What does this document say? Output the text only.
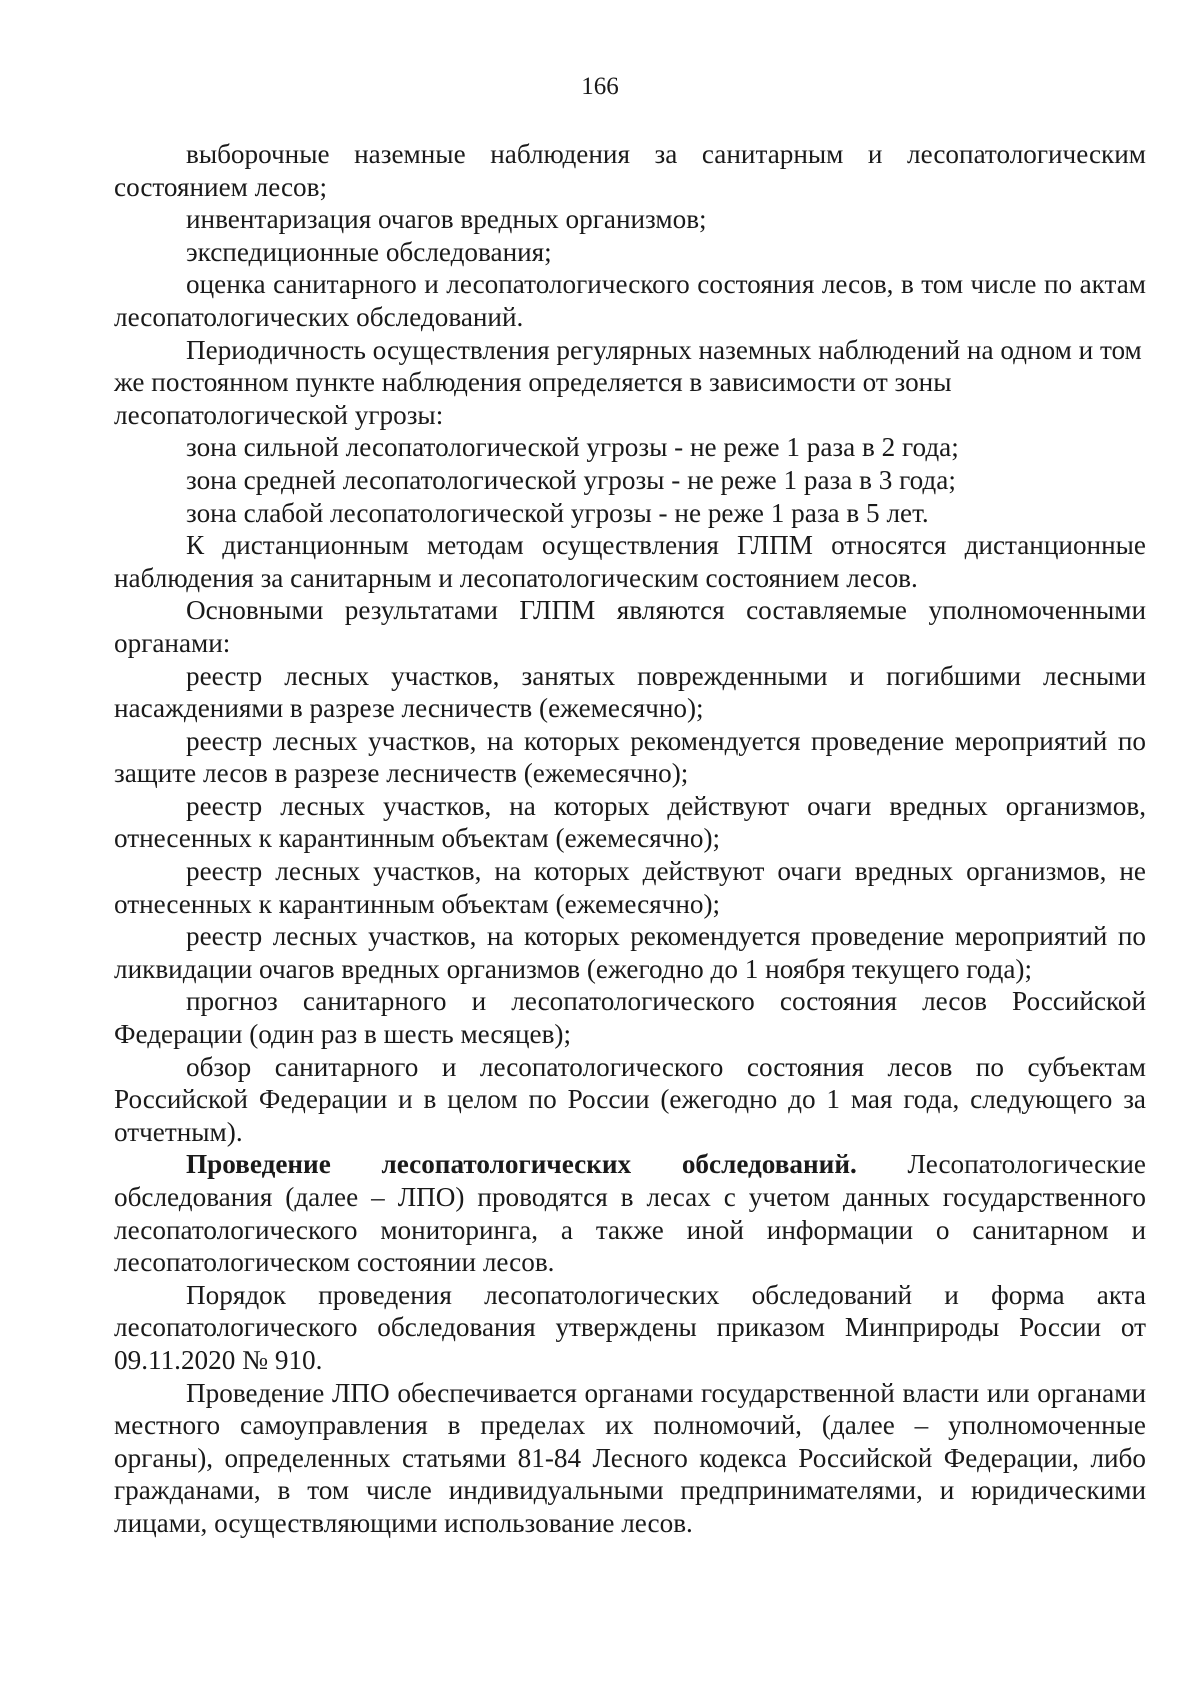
166

выборочные наземные наблюдения за санитарным и лесопатологическим состоянием лесов;

инвентаризация очагов вредных организмов;

экспедиционные обследования;

оценка санитарного и лесопатологического состояния лесов, в том числе по актам лесопатологических обследований.

Периодичность осуществления регулярных наземных наблюдений на одном и том же постоянном пункте наблюдения определяется в зависимости от зоны лесопатологической угрозы:

зона сильной лесопатологической угрозы - не реже 1 раза в 2 года;

зона средней лесопатологической угрозы - не реже 1 раза в 3 года;

зона слабой лесопатологической угрозы - не реже 1 раза в 5 лет.

К дистанционным методам осуществления ГЛПМ относятся дистанционные наблюдения за санитарным и лесопатологическим состоянием лесов.

Основными результатами ГЛПМ являются составляемые уполномоченными органами:

реестр лесных участков, занятых поврежденными и погибшими лесными насаждениями в разрезе лесничеств (ежемесячно);

реестр лесных участков, на которых рекомендуется проведение мероприятий по защите лесов в разрезе лесничеств (ежемесячно);

реестр лесных участков, на которых действуют очаги вредных организмов, отнесенных к карантинным объектам (ежемесячно);

реестр лесных участков, на которых действуют очаги вредных организмов, не отнесенных к карантинным объектам (ежемесячно);

реестр лесных участков, на которых рекомендуется проведение мероприятий по ликвидации очагов вредных организмов (ежегодно до 1 ноября текущего года);

прогноз санитарного и лесопатологического состояния лесов Российской Федерации (один раз в шесть месяцев);

обзор санитарного и лесопатологического состояния лесов по субъектам Российской Федерации и в целом по России (ежегодно до 1 мая года, следующего за отчетным).

Проведение лесопатологических обследований. Лесопатологические обследования (далее – ЛПО) проводятся в лесах с учетом данных государственного лесопатологического мониторинга, а также иной информации о санитарном и лесопатологическом состоянии лесов.

Порядок проведения лесопатологических обследований и форма акта лесопатологического обследования утверждены приказом Минприроды России от 09.11.2020 № 910.

Проведение ЛПО обеспечивается органами государственной власти или органами местного самоуправления в пределах их полномочий, (далее – уполномоченные органы), определенных статьями 81-84 Лесного кодекса Российской Федерации, либо гражданами, в том числе индивидуальными предпринимателями, и юридическими лицами, осуществляющими использование лесов.
